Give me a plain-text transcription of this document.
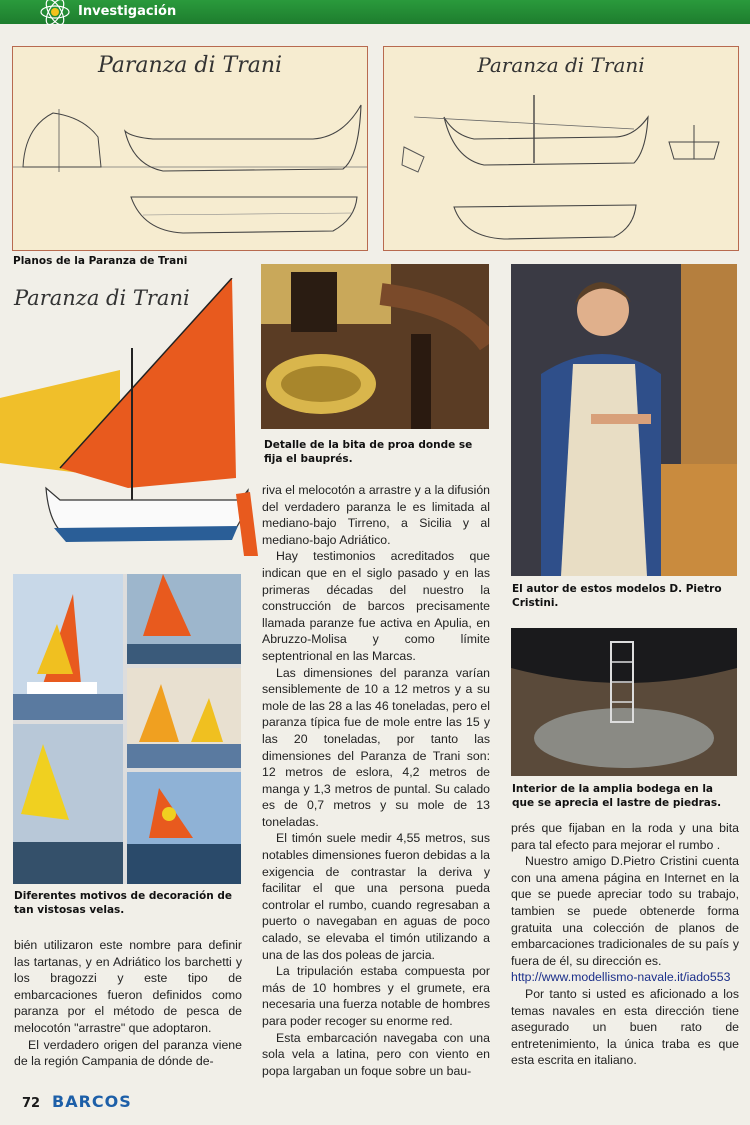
Investigación
Paranza di Trani	Paranza di Trani
Planos de la Paranza de Trani
Paranza di Trani
Detalle de la bita de proa donde se fija el bauprés.
El autor de estos modelos D. Pietro Cristini.
Interior de la amplia bodega en la que se aprecia el lastre de piedras.
Diferentes motivos de decoración de tan vistosas velas.

bién utilizaron este nombre para definir las tartanas, y en Adriático los barchetti y los bragozzi y este tipo de embarcaciones fueron definidos como paranza por el método de pesca de melocotón "arrastre" que adoptaron.

El verdadero origen del paranza viene de la región Campania de dónde de-

riva el melocotón a arrastre y a la difusión del verdadero paranza le es limitada al mediano-bajo Tirreno, a Sicilia y al mediano-bajo Adriático.

Hay testimonios acreditados que indican que en el siglo pasado y en las primeras décadas del nuestro la construcción de barcos precisamente llamada paranze fue activa en Apulia, en Abruzzo-Molisa y como límite septentrional en las Marcas.

Las dimensiones del paranza varían sensiblemente de 10 a 12 metros y a su mole de las 28 a las 46 toneladas, pero el paranza típica fue de mole entre las 15 y las 20 toneladas, por tanto las dimensiones del Paranza de Trani son: 12 metros de eslora, 4,2 metros de manga y 1,3 metros de puntal. Su calado es de 0,7 metros y su mole de 13 toneladas.

El timón suele medir 4,55 metros, sus notables dimensiones fueron debidas a la exigencia de contrastar la deriva y facilitar el que una persona pueda controlar el rumbo, cuando regresaban a puerto o navegaban en aguas de poco calado, se elevaba el timón utilizando a una de las dos poleas de jarcia.

La tripulación estaba compuesta por más de 10 hombres y el grumete, era necesaria una fuerza notable de hombres para poder recoger su enorme red.

Esta embarcación navegaba con una sola vela a latina, pero con viento en popa largaban un foque sobre un bau-

prés que fijaban en la roda y una bita para tal efecto para mejorar el rumbo .

Nuestro amigo D.Pietro Cristini cuenta con una amena página en Internet en la que se puede apreciar todo su trabajo, tambien se puede obtenerde forma gratuita una colección de planos de embarcaciones tradicionales de su país y fuera de él, su dirección es.

http://www.modellismo-navale.it/iado553

Por tanto si usted es aficionado a los temas navales en esta dirección tiene asegurado un buen rato de entretenimiento, la única traba es que esta escrita en italiano.

72 BARCOS
